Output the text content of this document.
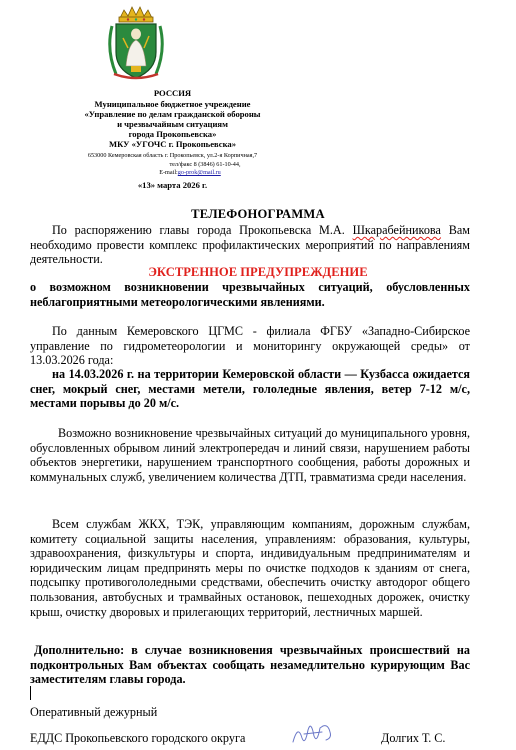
РОССИЯ
Муниципальное бюджетное учреждение
«Управление по делам гражданской обороны
и чрезвычайным ситуациям
города Прокопьевска»
МКУ «УГОЧС г. Прокопьевска»
653000 Кемеровская область г. Прокопьевск, ул.2-я Корпичная,7
тел/факс 8 (3846) 61-10-44,
E-mail:go-prok@mail.ru
«13» марта 2026 г.
ТЕЛЕФОНОГРАММА
По распоряжению главы города Прокопьевска М.А. Шкарабейникова Вам необходимо провести комплекс профилактических мероприятий по направлениям деятельности.
ЭКСТРЕННОЕ ПРЕДУПРЕЖДЕНИЕ
о возможном возникновении чрезвычайных ситуаций, обусловленных неблагоприятными метеорологическими явлениями.
По данным Кемеровского ЦГМС - филиала ФГБУ «Западно-Сибирское управление по гидрометеорологии и мониторингу окружающей среды» от 13.03.2026 года:
на 14.03.2026 г. на территории Кемеровской области — Кузбасса ожидается снег, мокрый снег, местами метели, гололедные явления, ветер 7-12 м/с, местами порывы до 20 м/с.
Возможно возникновение чрезвычайных ситуаций до муниципального уровня, обусловленных обрывом линий электропередач и линий связи, нарушением работы объектов энергетики, нарушением транспортного сообщения, работы дорожных и коммунальных служб, увеличением количества ДТП, травматизма среди населения.
Всем службам ЖКХ, ТЭК, управляющим компаниям, дорожным службам, комитету социальной защиты населения, управлениям: образования, культуры, здравоохранения, физкультуры и спорта, индивидуальным предпринимателям и юридическим лицам предпринять меры по очистке подходов к зданиям от снега, подсыпку противогололедными средствами, обеспечить очистку автодорог общего пользования, автобусных и трамвайных остановок, пешеходных дорожек, очистку крыш, очистку дворовых и прилегающих территорий, лестничных маршей.
Дополнительно: в случае возникновения чрезвычайных происшествий на подконтрольных Вам объектах сообщать незамедлительно курирующим Вас заместителям главы города.
Оперативный дежурный
ЕДДС Прокопьевского городского округа	Долгих Т. С.
